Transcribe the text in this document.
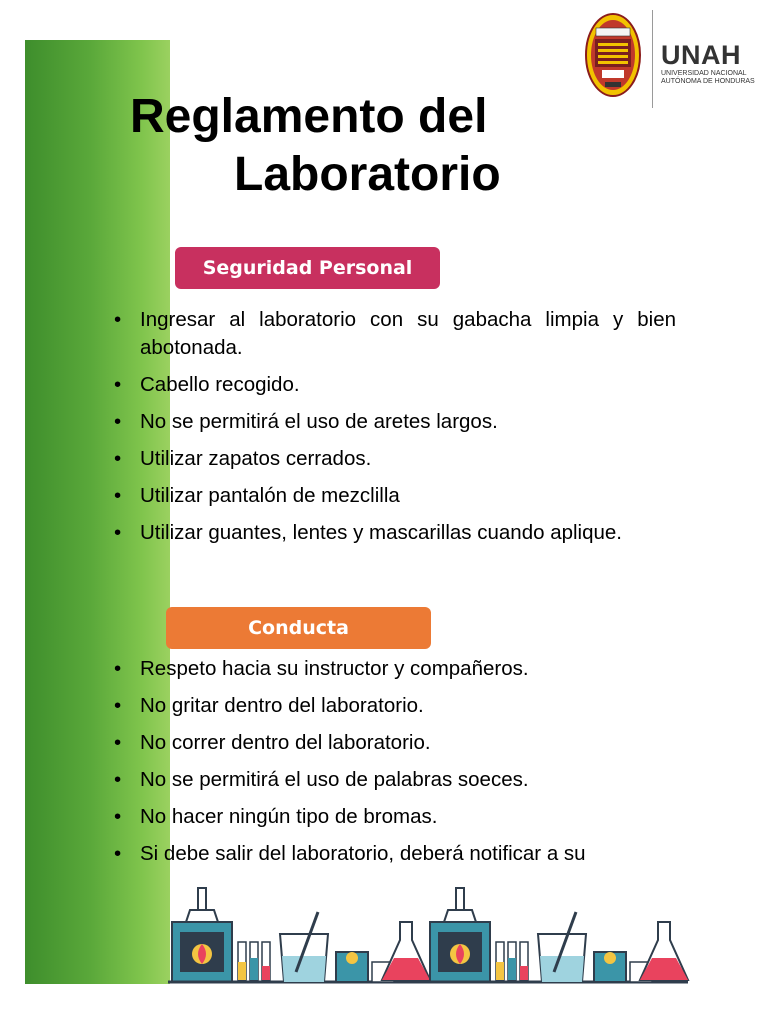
UNAH
UNIVERSIDAD NACIONAL
AUTÓNOMA DE HONDURAS
Reglamento del
Laboratorio
Seguridad Personal
• Ingresar al laboratorio con su gabacha limpia y bien abotonada.
• Cabello recogido.
• No se permitirá el uso de aretes largos.
• Utilizar zapatos cerrados.
• Utilizar pantalón de mezclilla
• Utilizar guantes, lentes y mascarillas cuando aplique.
Conducta
• Respeto hacia su instructor y compañeros.
• No gritar dentro del laboratorio.
• No correr dentro del laboratorio.
• No se permitirá el uso de palabras soeces.
• No hacer ningún tipo de bromas.
• Si debe salir del laboratorio, deberá notificar a su
